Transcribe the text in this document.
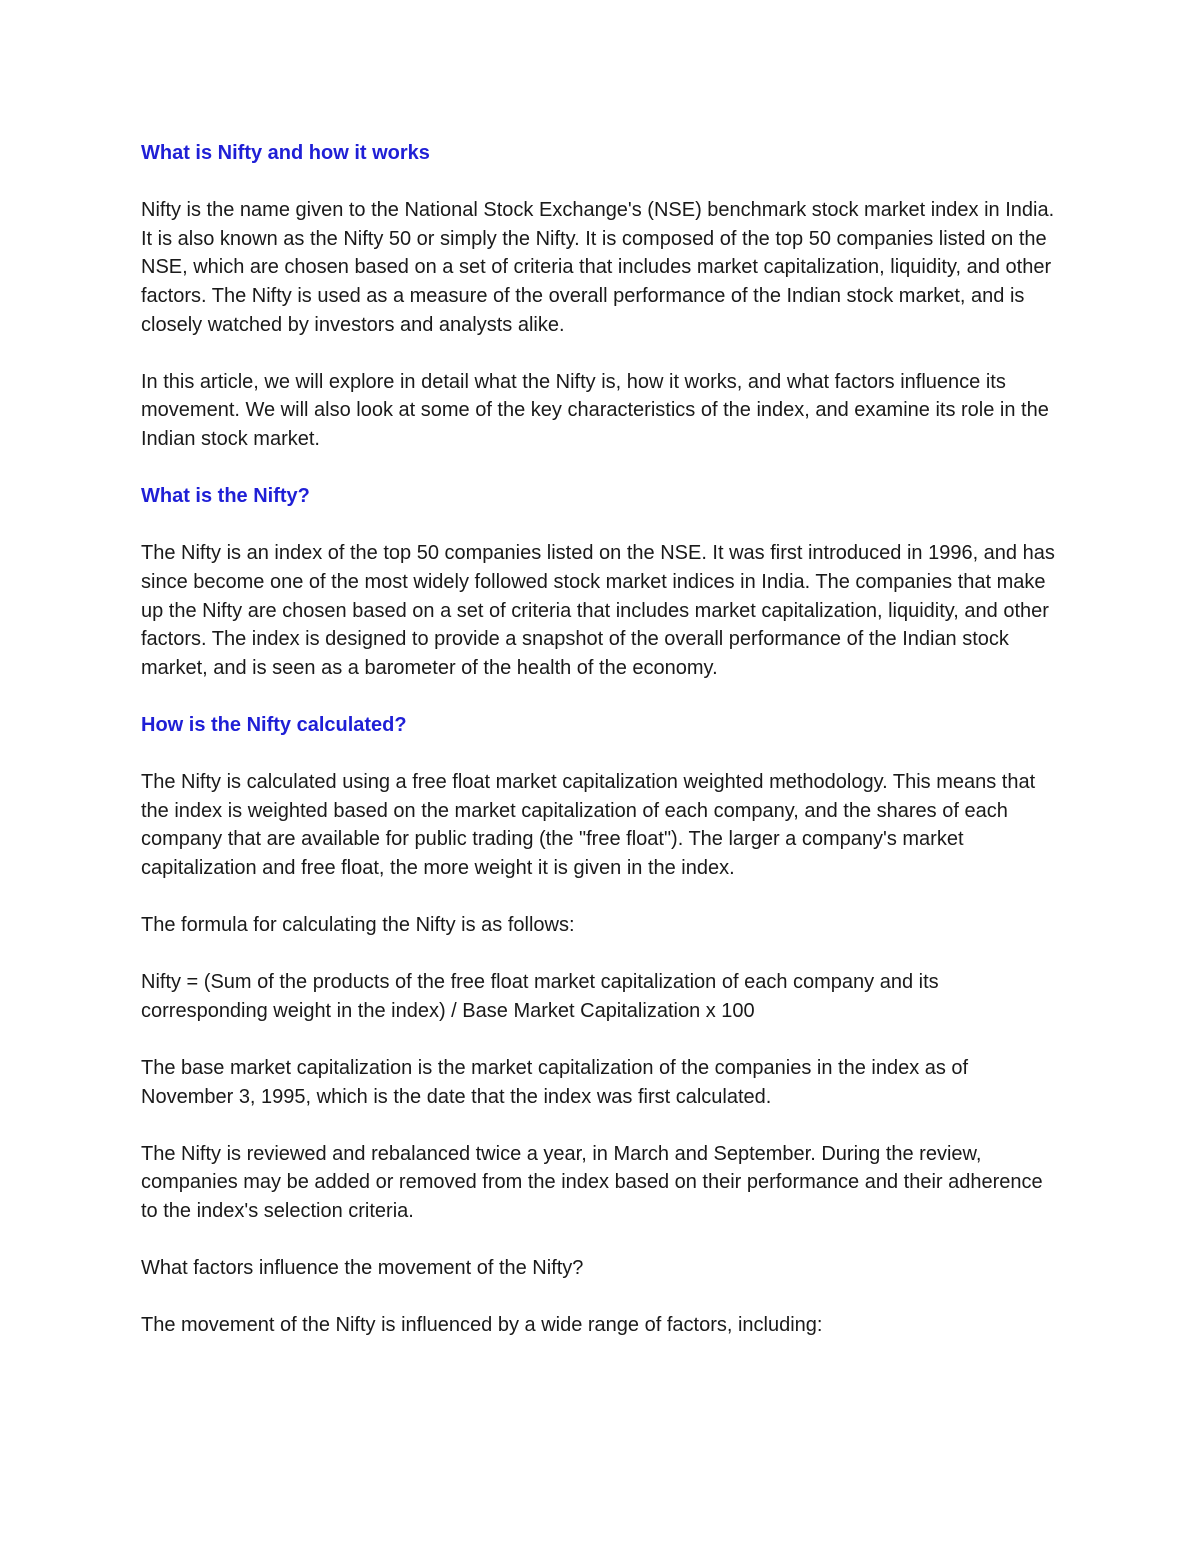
What is Nifty and how it works
Nifty is the name given to the National Stock Exchange's (NSE) benchmark stock market index in India. It is also known as the Nifty 50 or simply the Nifty. It is composed of the top 50 companies listed on the NSE, which are chosen based on a set of criteria that includes market capitalization, liquidity, and other factors. The Nifty is used as a measure of the overall performance of the Indian stock market, and is closely watched by investors and analysts alike.
In this article, we will explore in detail what the Nifty is, how it works, and what factors influence its movement. We will also look at some of the key characteristics of the index, and examine its role in the Indian stock market.
What is the Nifty?
The Nifty is an index of the top 50 companies listed on the NSE. It was first introduced in 1996, and has since become one of the most widely followed stock market indices in India. The companies that make up the Nifty are chosen based on a set of criteria that includes market capitalization, liquidity, and other factors. The index is designed to provide a snapshot of the overall performance of the Indian stock market, and is seen as a barometer of the health of the economy.
How is the Nifty calculated?
The Nifty is calculated using a free float market capitalization weighted methodology. This means that the index is weighted based on the market capitalization of each company, and the shares of each company that are available for public trading (the "free float"). The larger a company's market capitalization and free float, the more weight it is given in the index.
The formula for calculating the Nifty is as follows:
Nifty = (Sum of the products of the free float market capitalization of each company and its corresponding weight in the index) / Base Market Capitalization x 100
The base market capitalization is the market capitalization of the companies in the index as of November 3, 1995, which is the date that the index was first calculated.
The Nifty is reviewed and rebalanced twice a year, in March and September. During the review, companies may be added or removed from the index based on their performance and their adherence to the index's selection criteria.
What factors influence the movement of the Nifty?
The movement of the Nifty is influenced by a wide range of factors, including:
